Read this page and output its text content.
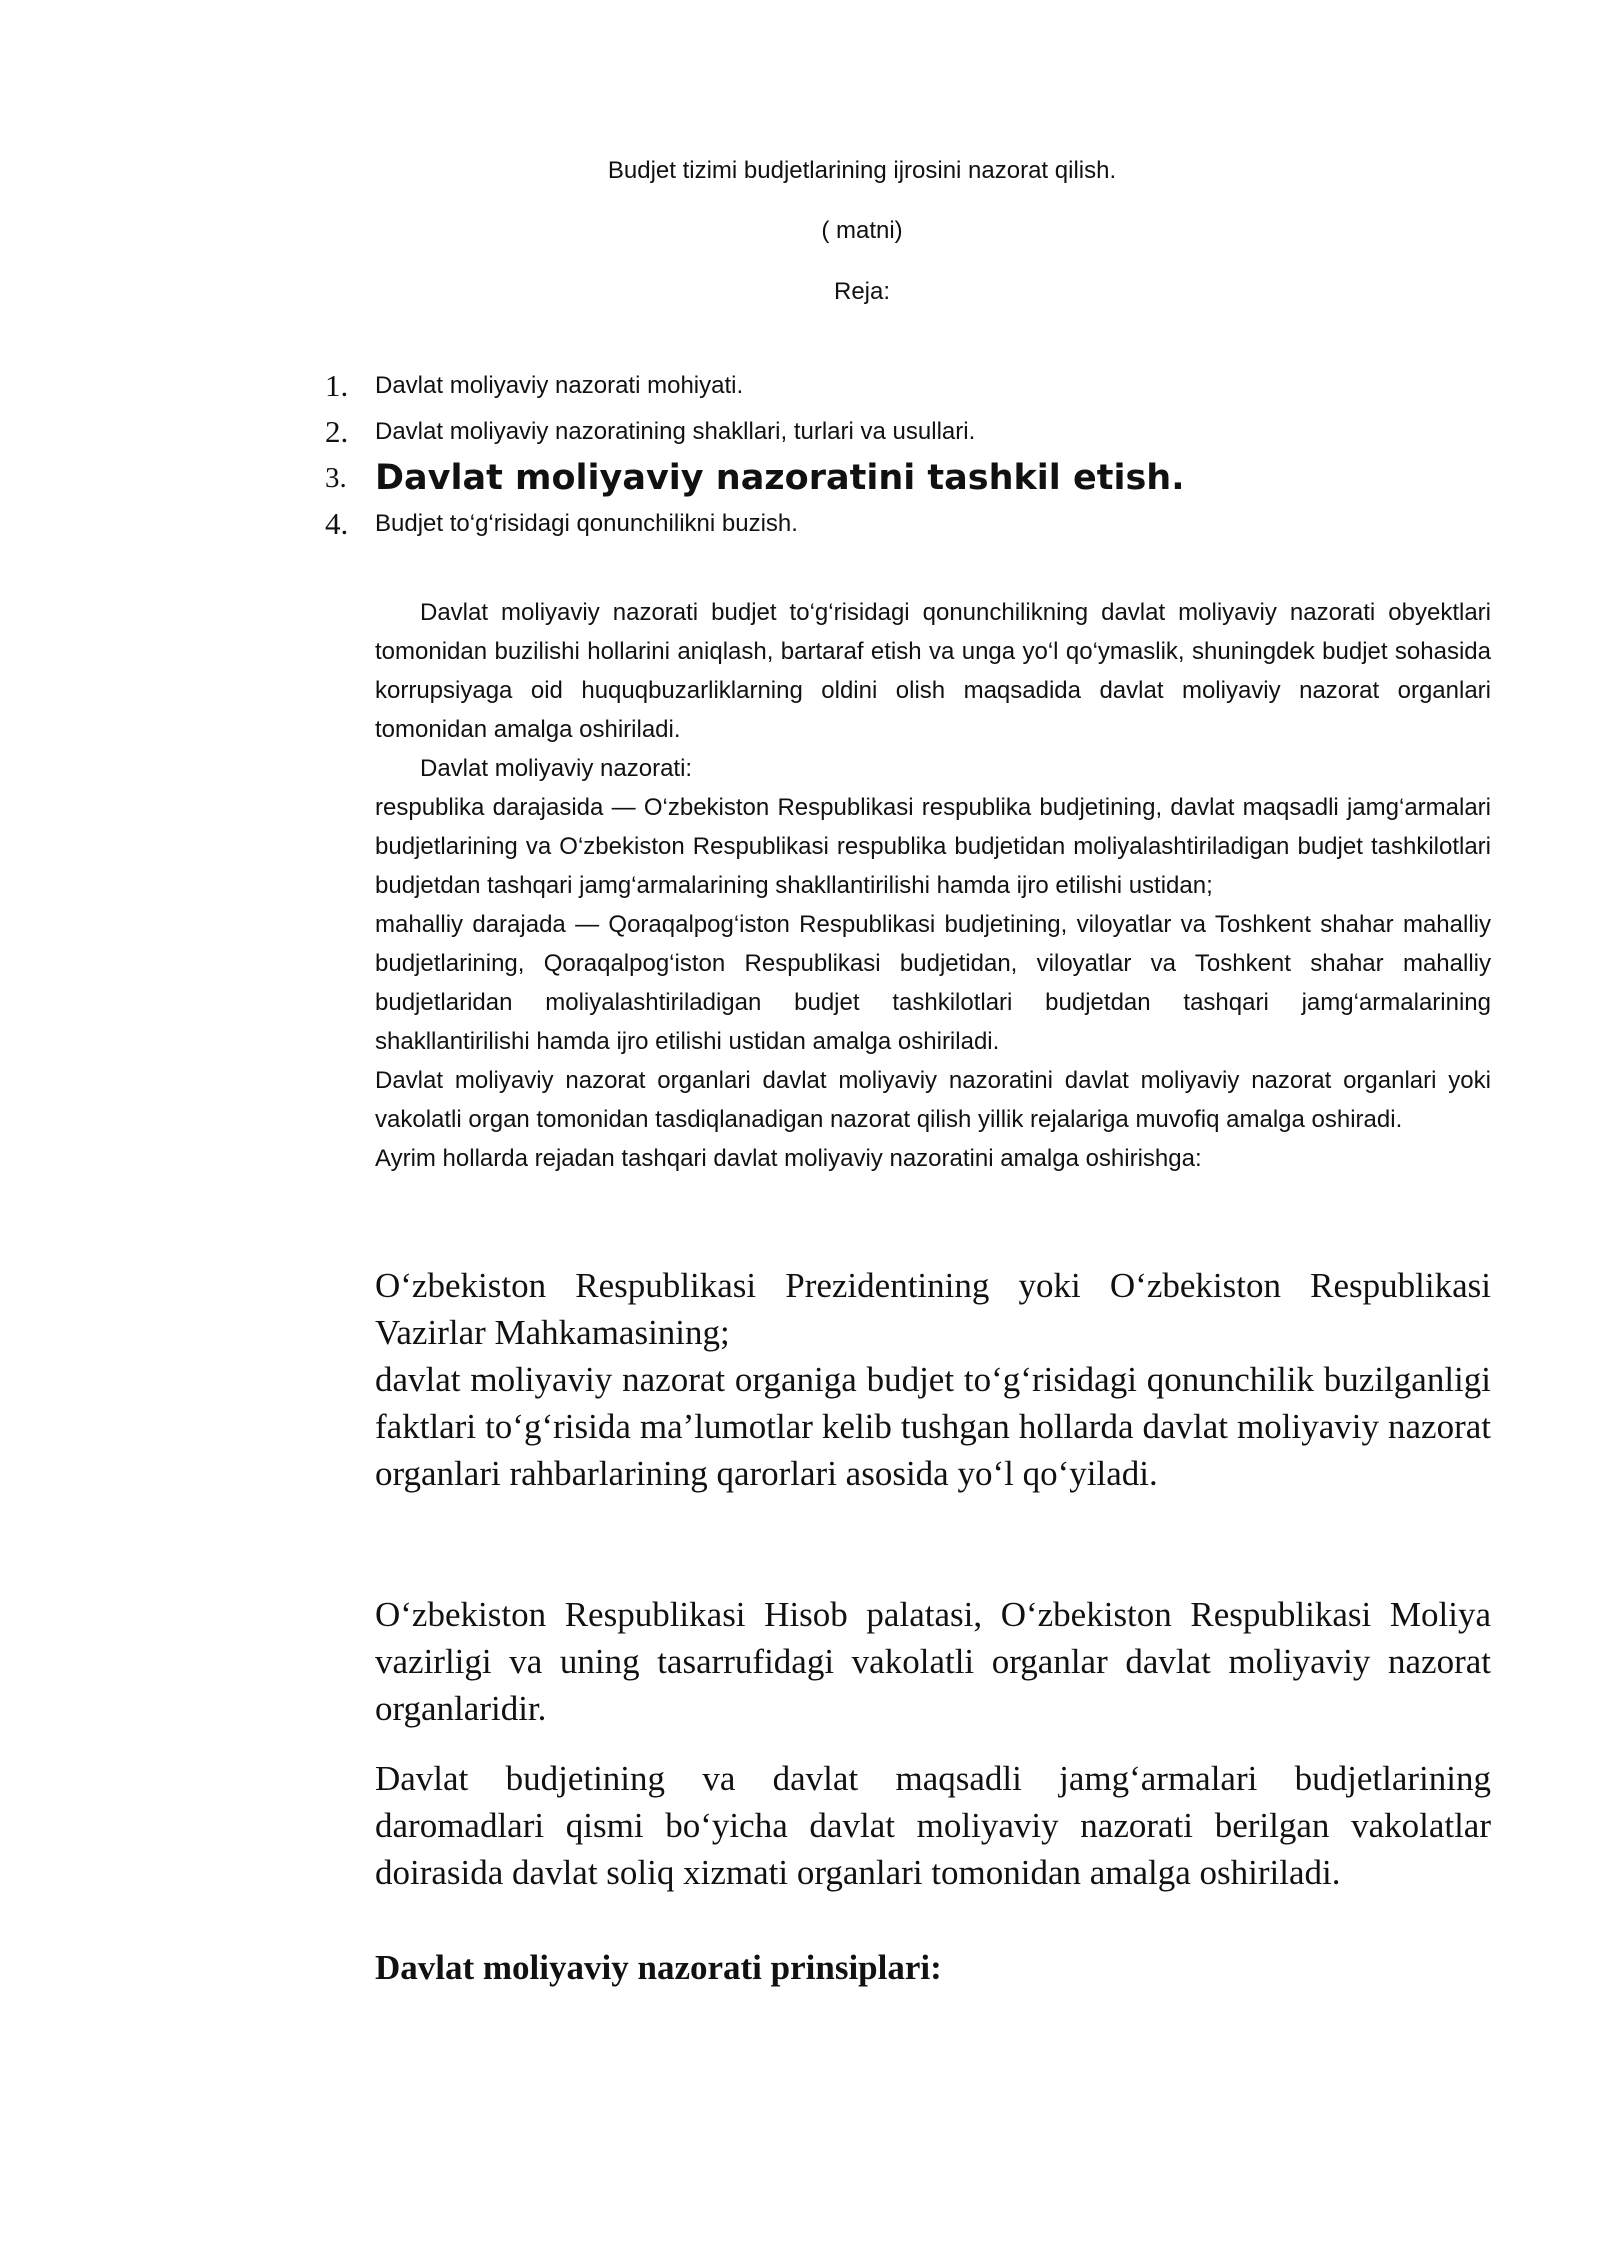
Budjet tizimi budjetlarining ijrosini nazorat qilish.
( matni)
Reja:
1.	Davlat moliyaviy nazorati mohiyati.
2.	Davlat moliyaviy nazoratining shakllari, turlari va usullari.
3. Davlat moliyaviy nazoratini tashkil etish.
4.	Budjet to‘g‘risidagi qonunchilikni buzish.

Davlat moliyaviy nazorati budjet to‘g‘risidagi qonunchilikning davlat moliyaviy nazorati obyektlari tomonidan buzilishi hollarini aniqlash, bartaraf etish va unga yo‘l qo‘ymaslik, shuningdek budjet sohasida korrupsiyaga oid huquqbuzarliklarning oldini olish maqsadida davlat moliyaviy nazorat organlari tomonidan amalga oshiriladi.

Davlat moliyaviy nazorati:

respublika darajasida — O‘zbekiston Respublikasi respublika budjetining, davlat maqsadli jamg‘armalari budjetlarining va O‘zbekiston Respublikasi respublika budjetidan moliyalashtiriladigan budjet tashkilotlari budjetdan tashqari jamg‘armalarining shakllantirilishi hamda ijro etilishi ustidan;

mahalliy darajada — Qoraqalpog‘iston Respublikasi budjetining, viloyatlar va Toshkent shahar mahalliy budjetlarining, Qoraqalpog‘iston Respublikasi budjetidan, viloyatlar va Toshkent shahar mahalliy budjetlaridan moliyalashtiriladigan budjet tashkilotlari budjetdan tashqari jamg‘armalarining shakllantirilishi hamda ijro etilishi ustidan amalga oshiriladi.

Davlat moliyaviy nazorat organlari davlat moliyaviy nazoratini davlat moliyaviy nazorat organlari yoki vakolatli organ tomonidan tasdiqlanadigan nazorat qilish yillik rejalariga muvofiq amalga oshiradi.

Ayrim hollarda rejadan tashqari davlat moliyaviy nazoratini amalga oshirishga:

O‘zbekiston Respublikasi Prezidentining yoki O‘zbekiston Respublikasi Vazirlar Mahkamasining;

davlat moliyaviy nazorat organiga budjet to‘g‘risidagi qonunchilik buzilganligi faktlari to‘g‘risida ma’lumotlar kelib tushgan hollarda davlat moliyaviy nazorat organlari rahbarlarining qarorlari asosida yo‘l qo‘yiladi.

O‘zbekiston Respublikasi Hisob palatasi, O‘zbekiston Respublikasi Moliya vazirligi va uning tasarrufidagi vakolatli organlar davlat moliyaviy nazorat organlaridir.

Davlat budjetining va davlat maqsadli jamg‘armalari budjetlarining daromadlari qismi bo‘yicha davlat moliyaviy nazorati berilgan vakolatlar doirasida davlat soliq xizmati organlari tomonidan amalga oshiriladi.

Davlat moliyaviy nazorati prinsiplari:
